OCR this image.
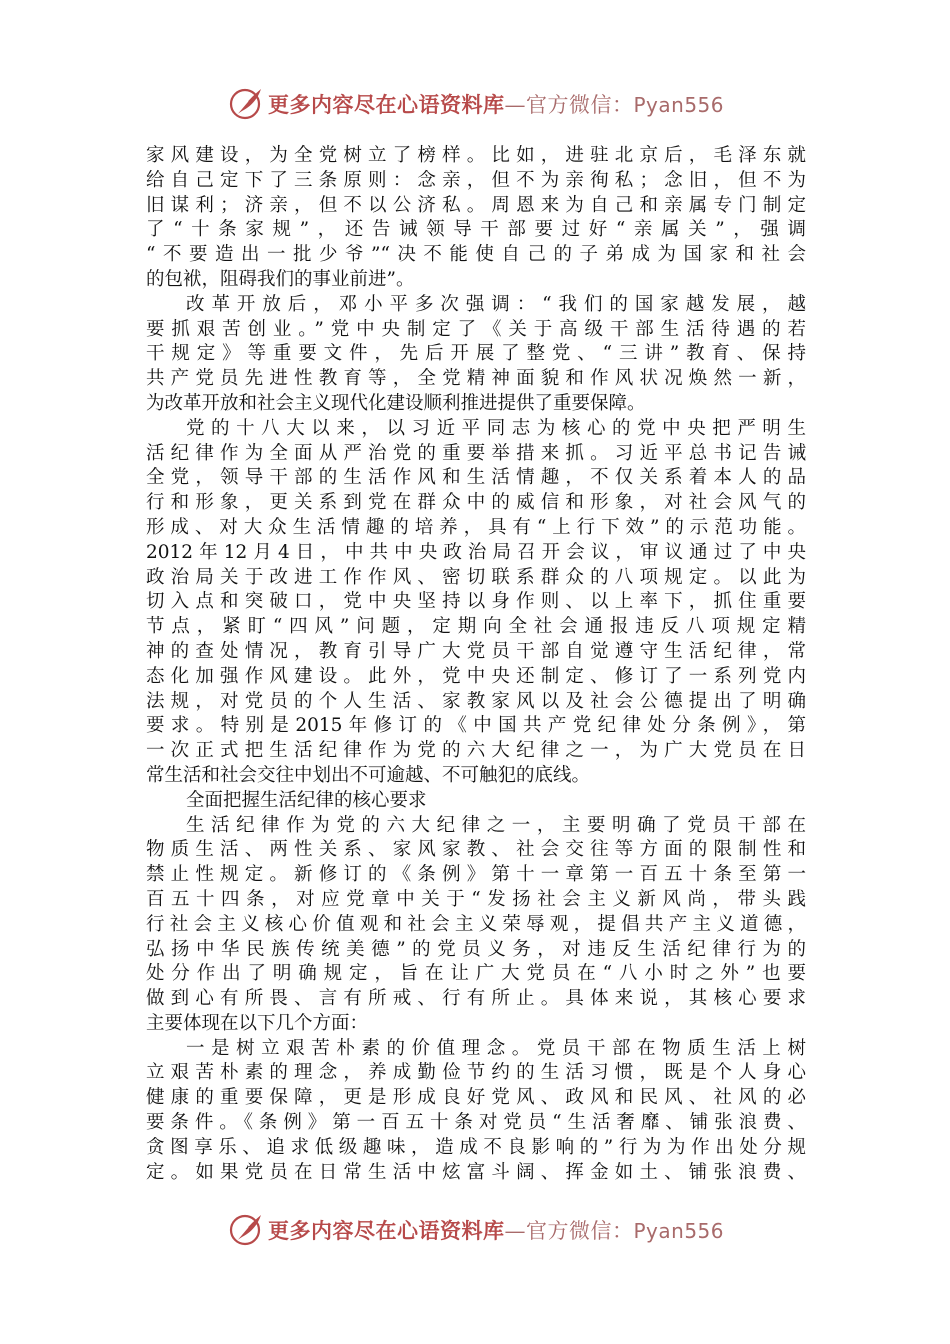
更多内容尽在心语资料库—官方微信：Pyan556
家风建设，为全党树立了榜样。比如，进驻北京后，毛泽东就
给自己定下了三条原则：念亲，但不为亲徇私；念旧，但不为
旧谋利；济亲，但不以公济私。周恩来为自己和亲属专门制定
了“十条家规”，还告诫领导干部要过好“亲属关”，强调
“不要造出一批少爷”“决不能使自己的子弟成为国家和社会
的包袱，阻碍我们的事业前进”。
改革开放后，邓小平多次强调：“我们的国家越发展，越
要抓艰苦创业。”党中央制定了《关于高级干部生活待遇的若
干规定》等重要文件，先后开展了整党、“三讲”教育、保持
共产党员先进性教育等，全党精神面貌和作风状况焕然一新，
为改革开放和社会主义现代化建设顺利推进提供了重要保障。
党的十八大以来，以习近平同志为核心的党中央把严明生
活纪律作为全面从严治党的重要举措来抓。习近平总书记告诫
全党，领导干部的生活作风和生活情趣，不仅关系着本人的品
行和形象，更关系到党在群众中的威信和形象，对社会风气的
形成、对大众生活情趣的培养，具有“上行下效”的示范功能。
2012年12月4日，中共中央政治局召开会议，审议通过了中央
政治局关于改进工作作风、密切联系群众的八项规定。以此为
切入点和突破口，党中央坚持以身作则、以上率下，抓住重要
节点，紧盯“四风”问题，定期向全社会通报违反八项规定精
神的查处情况，教育引导广大党员干部自觉遵守生活纪律，常
态化加强作风建设。此外，党中央还制定、修订了一系列党内
法规，对党员的个人生活、家教家风以及社会公德提出了明确
要求。特别是2015年修订的《中国共产党纪律处分条例》，第
一次正式把生活纪律作为党的六大纪律之一，为广大党员在日
常生活和社会交往中划出不可逾越、不可触犯的底线。
全面把握生活纪律的核心要求
生活纪律作为党的六大纪律之一，主要明确了党员干部在
物质生活、两性关系、家风家教、社会交往等方面的限制性和
禁止性规定。新修订的《条例》第十一章第一百五十条至第一
百五十四条，对应党章中关于“发扬社会主义新风尚，带头践
行社会主义核心价值观和社会主义荣辱观，提倡共产主义道德，
弘扬中华民族传统美德”的党员义务，对违反生活纪律行为的
处分作出了明确规定，旨在让广大党员在“八小时之外”也要
做到心有所畏、言有所戒、行有所止。具体来说，其核心要求
主要体现在以下几个方面：
一是树立艰苦朴素的价值理念。党员干部在物质生活上树
立艰苦朴素的理念，养成勤俭节约的生活习惯，既是个人身心
健康的重要保障，更是形成良好党风、政风和民风、社风的必
要条件。《条例》第一百五十条对党员“生活奢靡、铺张浪费、
贪图享乐、追求低级趣味，造成不良影响的”行为为作出处分规
定。如果党员在日常生活中炫富斗阔、挥金如土、铺张浪费、
更多内容尽在心语资料库—官方微信：Pyan556
